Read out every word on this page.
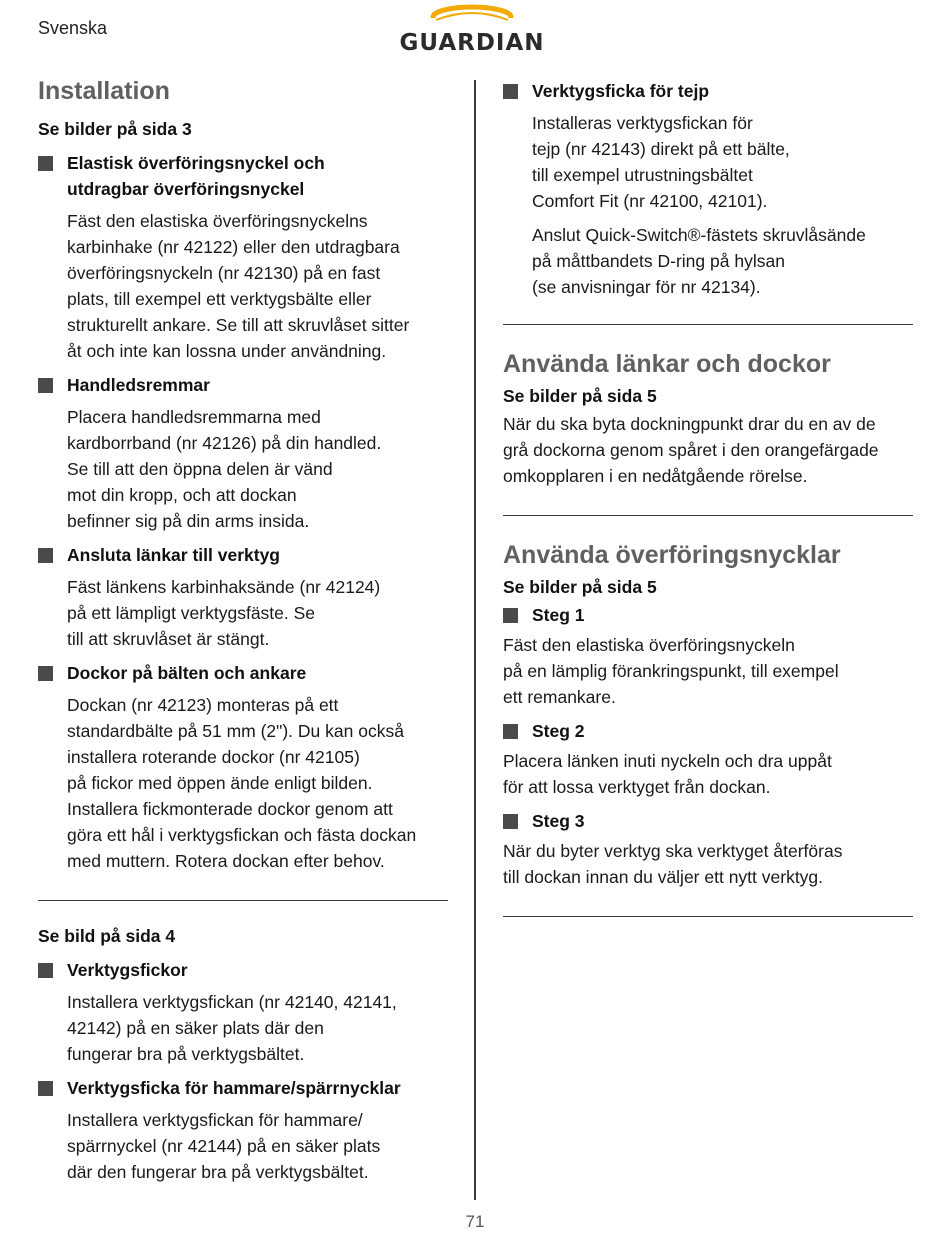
Svenska
GUARDIAN
Installation
Se bilder på sida 3
Elastisk överföringsnyckel och
utdragbar överföringsnyckel
Fäst den elastiska överföringsnyckelns
karbinhake (nr 42122) eller den utdragbara
överföringsnyckeln (nr 42130) på en fast
plats, till exempel ett verktygsbälte eller
strukturellt ankare. Se till att skruvlåset sitter
åt och inte kan lossna under användning.
Handledsremmar
Placera handledsremmarna med
kardborrband (nr 42126) på din handled.
Se till att den öppna delen är vänd
mot din kropp, och att dockan
befinner sig på din arms insida.
Ansluta länkar till verktyg
Fäst länkens karbinhaksände (nr 42124)
på ett lämpligt verktygsfäste. Se
till att skruvlåset är stängt.
Dockor på bälten och ankare
Dockan (nr 42123) monteras på ett
standardbälte på 51 mm (2"). Du kan också
installera roterande dockor (nr 42105)
på fickor med öppen ände enligt bilden.
Installera fickmonterade dockor genom att
göra ett hål i verktygsfickan och fästa dockan
med muttern. Rotera dockan efter behov.
Se bild på sida 4
Verktygsfickor
Installera verktygsfickan (nr 42140, 42141,
42142) på en säker plats där den
fungerar bra på verktygsbältet.
Verktygsficka för hammare/spärrnycklar
Installera verktygsfickan för hammare/
spärrnyckel (nr 42144) på en säker plats
där den fungerar bra på verktygsbältet.
Verktygsficka för tejp
Installeras verktygsfickan för
tejp (nr 42143) direkt på ett bälte,
till exempel utrustningsbältet
Comfort Fit (nr 42100, 42101).
Anslut Quick-Switch®-fästets skruvlåsände
på måttbandets D-ring på hylsan
(se anvisningar för nr 42134).
Använda länkar och dockor
Se bilder på sida 5
När du ska byta dockningpunkt drar du en av de
grå dockorna genom spåret i den orangefärgade
omkopplaren i en nedåtgående rörelse.
Använda överföringsnycklar
Se bilder på sida 5
Steg 1
Fäst den elastiska överföringsnyckeln
på en lämplig förankringspunkt, till exempel
ett remankare.
Steg 2
Placera länken inuti nyckeln och dra uppåt
för att lossa verktyget från dockan.
Steg 3
När du byter verktyg ska verktyget återföras
till dockan innan du väljer ett nytt verktyg.
71
